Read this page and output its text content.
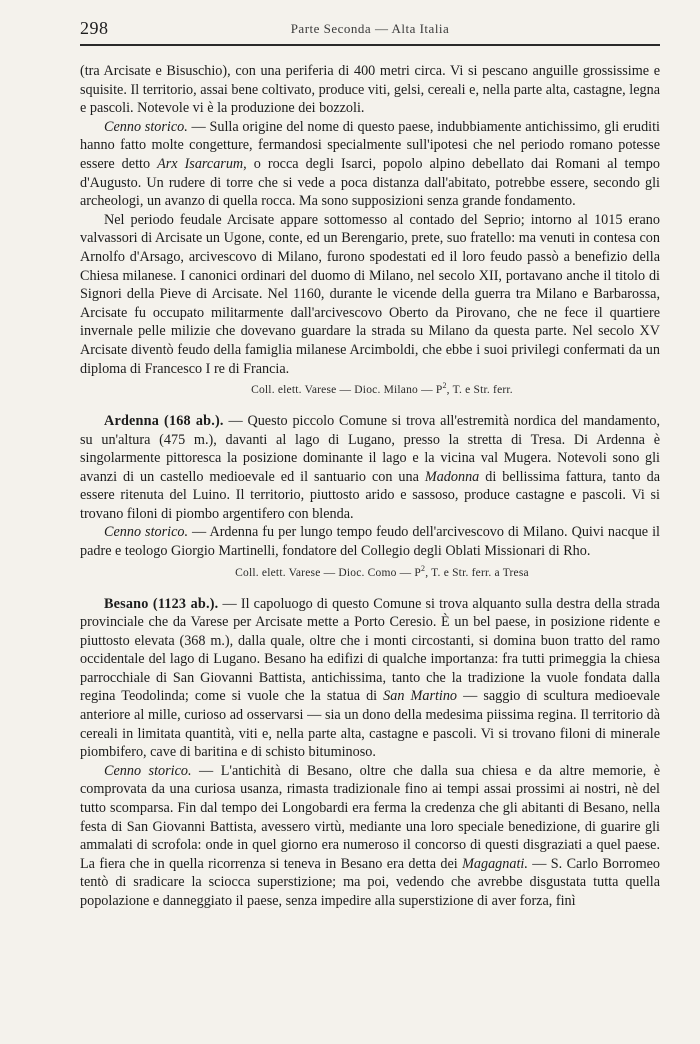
298	Parte Seconda — Alta Italia

(tra Arcisate e Bisuschio), con una periferia di 400 metri circa. Vi si pescano anguille grossissime e squisite. Il territorio, assai bene coltivato, produce viti, gelsi, cereali e, nella parte alta, castagne, legna e pascoli. Notevole vi è la produzione dei bozzoli.

Cenno storico. — Sulla origine del nome di questo paese, indubbiamente antichissimo, gli eruditi hanno fatto molte congetture, fermandosi specialmente sull'ipotesi che nel periodo romano potesse essere detto Arx Isarcarum, o rocca degli Isarci, popolo alpino debellato dai Romani al tempo d'Augusto. Un rudere di torre che si vede a poca distanza dall'abitato, potrebbe essere, secondo gli archeologi, un avanzo di quella rocca. Ma sono supposizioni senza grande fondamento.

Nel periodo feudale Arcisate appare sottomesso al contado del Seprio; intorno al 1015 erano valvassori di Arcisate un Ugone, conte, ed un Berengario, prete, suo fratello: ma venuti in contesa con Arnolfo d'Arsago, arcivescovo di Milano, furono spodestati ed il loro feudo passò a benefizio della Chiesa milanese. I canonici ordinari del duomo di Milano, nel secolo XII, portavano anche il titolo di Signori della Pieve di Arcisate. Nel 1160, durante le vicende della guerra tra Milano e Barbarossa, Arcisate fu occupato militarmente dall'arcivescovo Oberto da Pirovano, che ne fece il quartiere invernale pelle milizie che dovevano guardare la strada su Milano da questa parte. Nel secolo XV Arcisate diventò feudo della famiglia milanese Arcimboldi, che ebbe i suoi privilegi confermati da un diploma di Francesco I re di Francia.

Coll. elett. Varese — Dioc. Milano — $P^2$, T. e Str. ferr.

Ardenna (168 ab.). — Questo piccolo Comune si trova all'estremità nordica del mandamento, su un'altura (475 m.), davanti al lago di Lugano, presso la stretta di Tresa. Di Ardenna è singolarmente pittoresca la posizione dominante il lago e la vicina val Mugera. Notevoli sono gli avanzi di un castello medioevale ed il santuario con una Madonna di bellissima fattura, tanto da essere ritenuta del Luino. Il territorio, piuttosto arido e sassoso, produce castagne e pascoli. Vi si trovano filoni di piombo argentifero con blenda.

Cenno storico. — Ardenna fu per lungo tempo feudo dell'arcivescovo di Milano. Quivi nacque il padre e teologo Giorgio Martinelli, fondatore del Collegio degli Oblati Missionari di Rho.

Coll. elett. Varese — Dioc. Como — $P^2$, T. e Str. ferr. a Tresa

Besano (1123 ab.). — Il capoluogo di questo Comune si trova alquanto sulla destra della strada provinciale che da Varese per Arcisate mette a Porto Ceresio. È un bel paese, in posizione ridente e piuttosto elevata (368 m.), dalla quale, oltre che i monti circostanti, si domina buon tratto del ramo occidentale del lago di Lugano. Besano ha edifizi di qualche importanza: fra tutti primeggia la chiesa parrocchiale di San Giovanni Battista, antichissima, tanto che la tradizione la vuole fondata dalla regina Teodolinda; come si vuole che la statua di San Martino — saggio di scultura medioevale anteriore al mille, curioso ad osservarsi — sia un dono della medesima piissima regina. Il territorio dà cereali in limitata quantità, viti e, nella parte alta, castagne e pascoli. Vi si trovano filoni di minerale piombifero, cave di baritina e di schisto bituminoso.

Cenno storico. — L'antichità di Besano, oltre che dalla sua chiesa e da altre memorie, è comprovata da una curiosa usanza, rimasta tradizionale fino ai tempi assai prossimi ai nostri, nè del tutto scomparsa. Fin dal tempo dei Longobardi era ferma la credenza che gli abitanti di Besano, nella festa di San Giovanni Battista, avessero virtù, mediante una loro speciale benedizione, di guarire gli ammalati di scrofola: onde in quel giorno era numeroso il concorso di questi disgraziati a quel paese. La fiera che in quella ricorrenza si teneva in Besano era detta dei Magagnati. — S. Carlo Borromeo tentò di sradicare la sciocca superstizione; ma poi, vedendo che avrebbe disgustata tutta quella popolazione e danneggiato il paese, senza impedire alla superstizione di aver forza, finì
